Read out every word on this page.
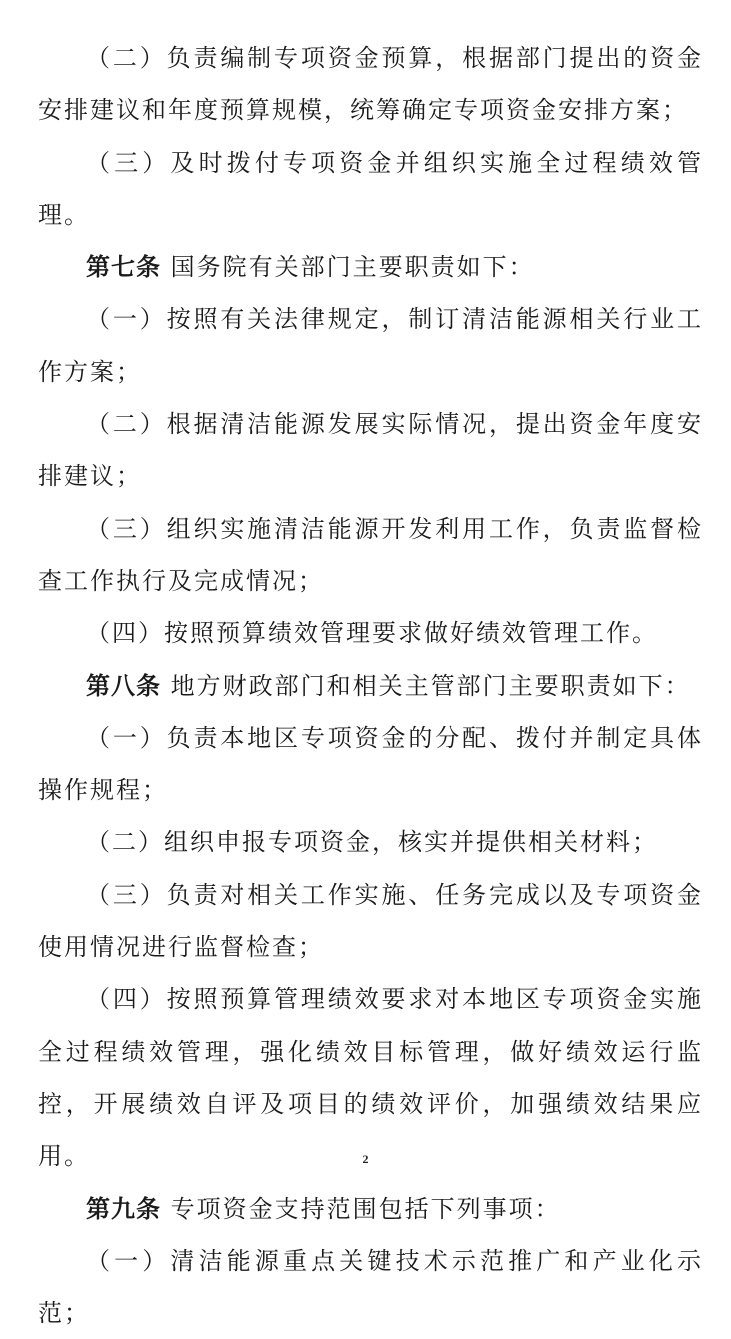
（二）负责编制专项资金预算，根据部门提出的资金安排建议和年度预算规模，统筹确定专项资金安排方案；

（三）及时拨付专项资金并组织实施全过程绩效管理。

第七条 国务院有关部门主要职责如下：

（一）按照有关法律规定，制订清洁能源相关行业工作方案；

（二）根据清洁能源发展实际情况，提出资金年度安排建议；

（三）组织实施清洁能源开发利用工作，负责监督检查工作执行及完成情况；

（四）按照预算绩效管理要求做好绩效管理工作。

第八条 地方财政部门和相关主管部门主要职责如下：

（一）负责本地区专项资金的分配、拨付并制定具体操作规程；

（二）组织申报专项资金，核实并提供相关材料；

（三）负责对相关工作实施、任务完成以及专项资金使用情况进行监督检查；

（四）按照预算管理绩效要求对本地区专项资金实施全过程绩效管理，强化绩效目标管理，做好绩效运行监控，开展绩效自评及项目的绩效评价，加强绩效结果应用。

第九条 专项资金支持范围包括下列事项：

（一）清洁能源重点关键技术示范推广和产业化示范；

2
